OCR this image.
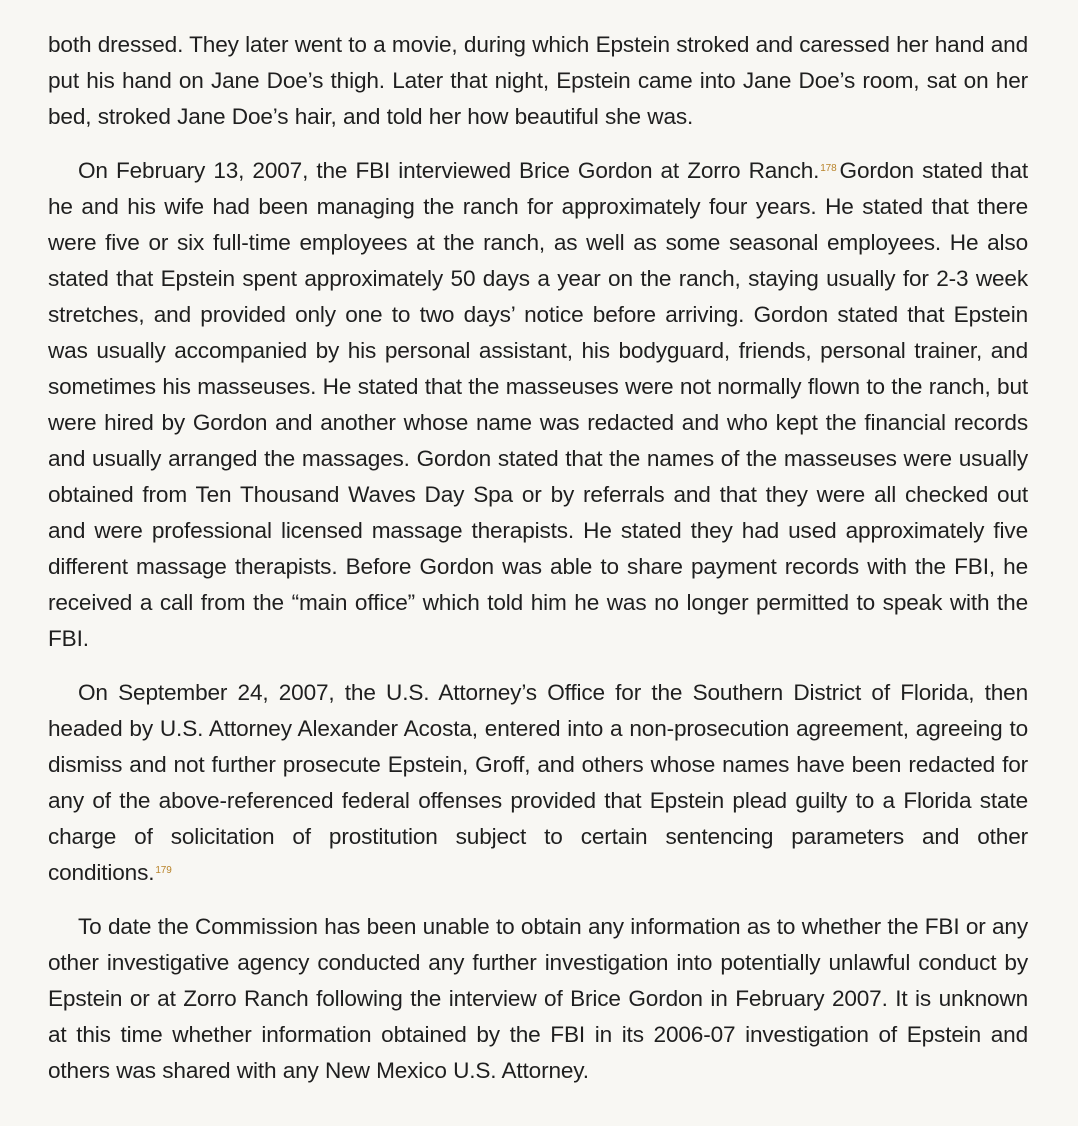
both dressed. They later went to a movie, during which Epstein stroked and caressed her hand and put his hand on Jane Doe’s thigh. Later that night, Epstein came into Jane Doe’s room, sat on her bed, stroked Jane Doe’s hair, and told her how beautiful she was.

On February 13, 2007, the FBI interviewed Brice Gordon at Zorro Ranch.$^{178}$ Gordon stated that he and his wife had been managing the ranch for approximately four years. He stated that there were five or six full-time employees at the ranch, as well as some seasonal employees. He also stated that Epstein spent approximately 50 days a year on the ranch, staying usually for 2-3 week stretches, and provided only one to two days’ notice before arriving. Gordon stated that Epstein was usually accompanied by his personal assistant, his bodyguard, friends, personal trainer, and sometimes his masseuses. He stated that the masseuses were not normally flown to the ranch, but were hired by Gordon and another whose name was redacted and who kept the financial records and usually arranged the massages. Gordon stated that the names of the masseuses were usually obtained from Ten Thousand Waves Day Spa or by referrals and that they were all checked out and were professional licensed massage therapists. He stated they had used approximately five different massage therapists. Before Gordon was able to share payment records with the FBI, he received a call from the “main office” which told him he was no longer permitted to speak with the FBI.

On September 24, 2007, the U.S. Attorney’s Office for the Southern District of Florida, then headed by U.S. Attorney Alexander Acosta, entered into a non-prosecution agreement, agreeing to dismiss and not further prosecute Epstein, Groff, and others whose names have been redacted for any of the above-referenced federal offenses provided that Epstein plead guilty to a Florida state charge of solicitation of prostitution subject to certain sentencing parameters and other conditions.$^{179}$

To date the Commission has been unable to obtain any information as to whether the FBI or any other investigative agency conducted any further investigation into potentially unlawful conduct by Epstein or at Zorro Ranch following the interview of Brice Gordon in February 2007. It is unknown at this time whether information obtained by the FBI in its 2006-07 investigation of Epstein and others was shared with any New Mexico U.S. Attorney.
